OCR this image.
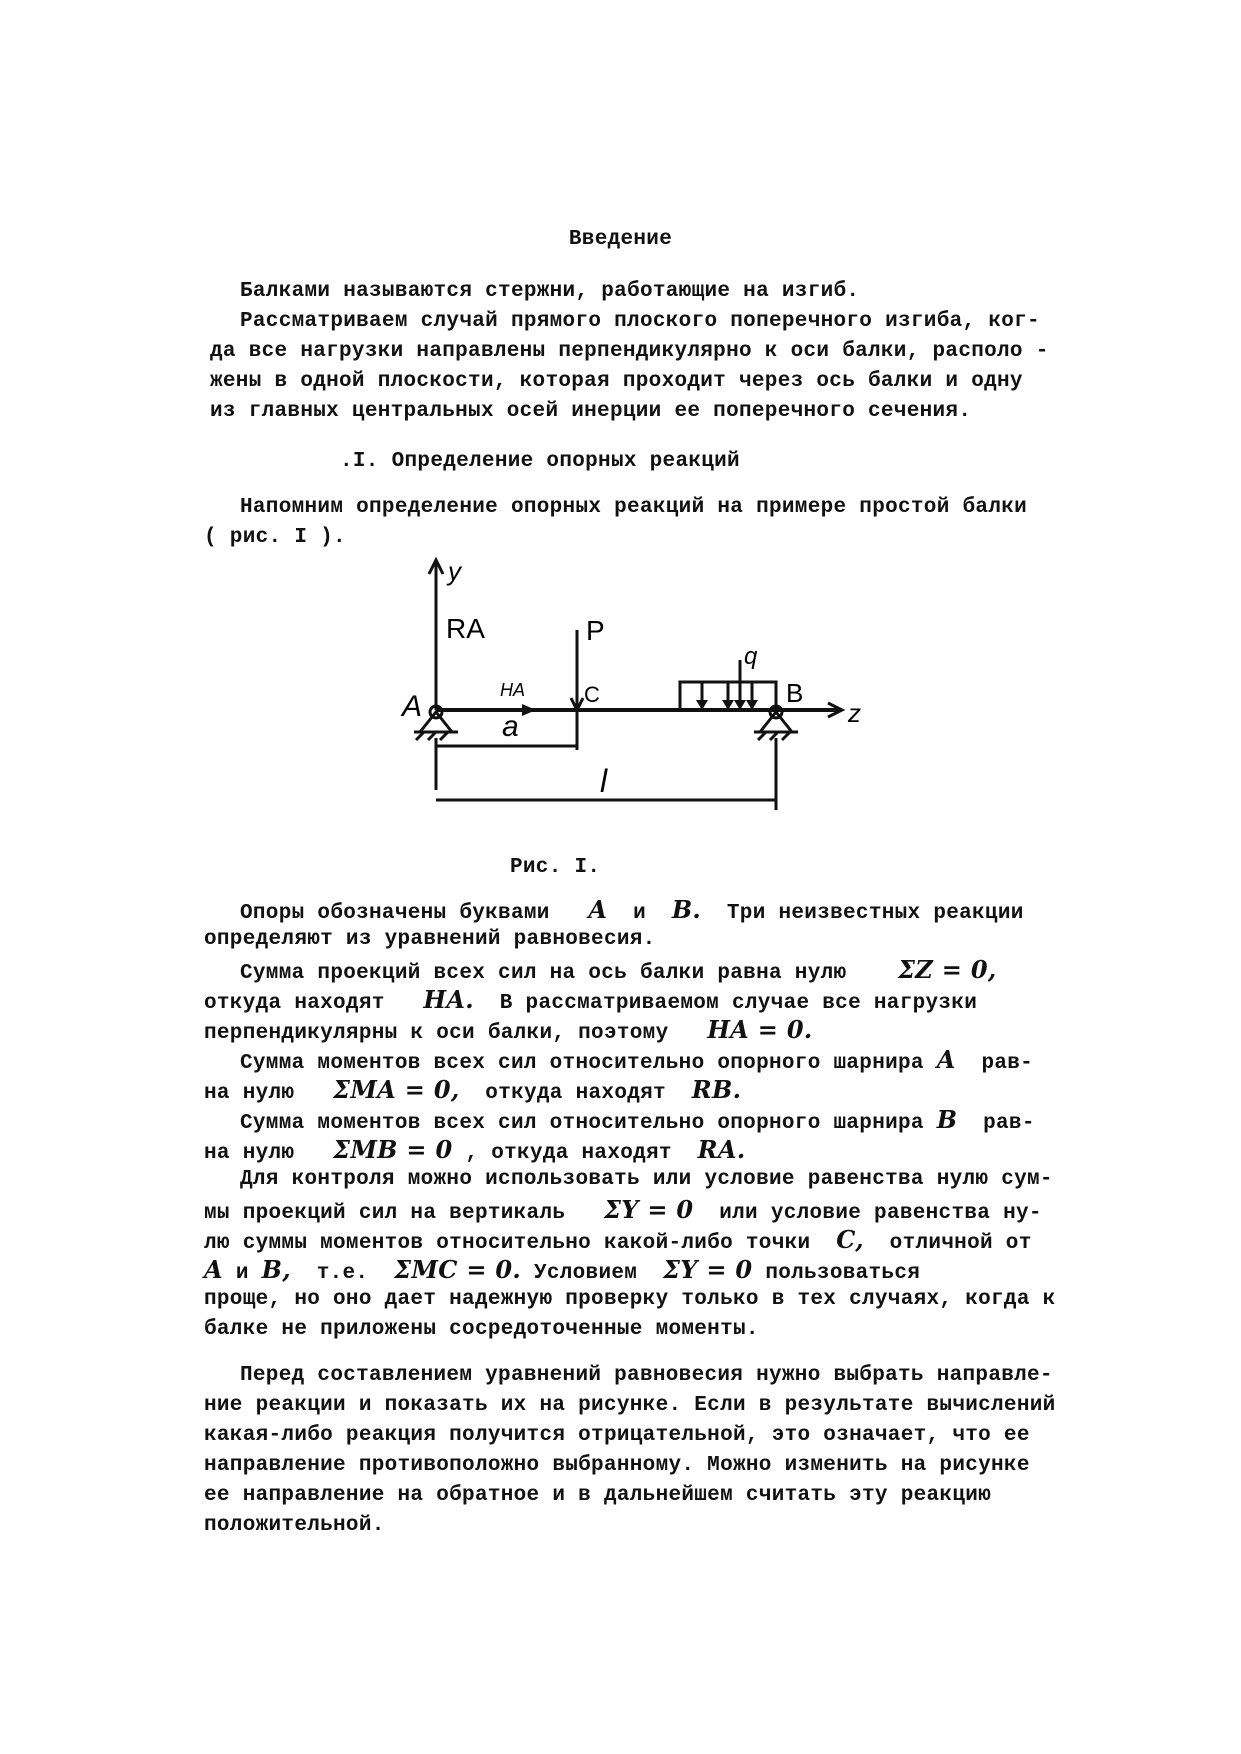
Введение
Балками называются стержни, работающие на изгиб.
Рассматриваем случай прямого плоского поперечного изгиба, ког-
да все нагрузки направлены перпендикулярно к оси балки, располо -
жены в одной плоскости, которая проходит через ось балки и одну
из главных центральных осей инерции ее поперечного сечения.
.I. Определение опорных реакций
Напомним определение опорных реакций на примере простой балки
( рис. I ).
y
z
RA
HA
P
q
A	B
C
a
l
Рис. I.
Опоры обозначены буквами A и B. Три неизвестных реакции
определяют из уравнений равновесия.
Сумма проекций всех сил на ось балки равна нулю ΣZ = 0,
откуда находят HA. В рассматриваемом случае все нагрузки
перпендикулярны к оси балки, поэтому HA = 0.
Сумма моментов всех сил относительно опорного шарнира A рав-
на нулю ΣMA = 0, откуда находят RB.
Сумма моментов всех сил относительно опорного шарнира B рав-
на нулю ΣMB = 0 , откуда находят RA.
Для контроля можно использовать или условие равенства нулю сум-
мы проекций сил на вертикаль ΣY = 0 или условие равенства ну-
лю суммы моментов относительно какой-либо точки C, отличной от
A и B, т.е. ΣMC = 0. Условием ΣY = 0 пользоваться
проще, но оно дает надежную проверку только в тех случаях, когда к
балке не приложены сосредоточенные моменты.
Перед составлением уравнений равновесия нужно выбрать направле-
ние реакции и показать их на рисунке. Если в результате вычислений
какая-либо реакция получится отрицательной, это означает, что ее
направление противоположно выбранному. Можно изменить на рисунке
ее направление на обратное и в дальнейшем считать эту реакцию
положительной.
